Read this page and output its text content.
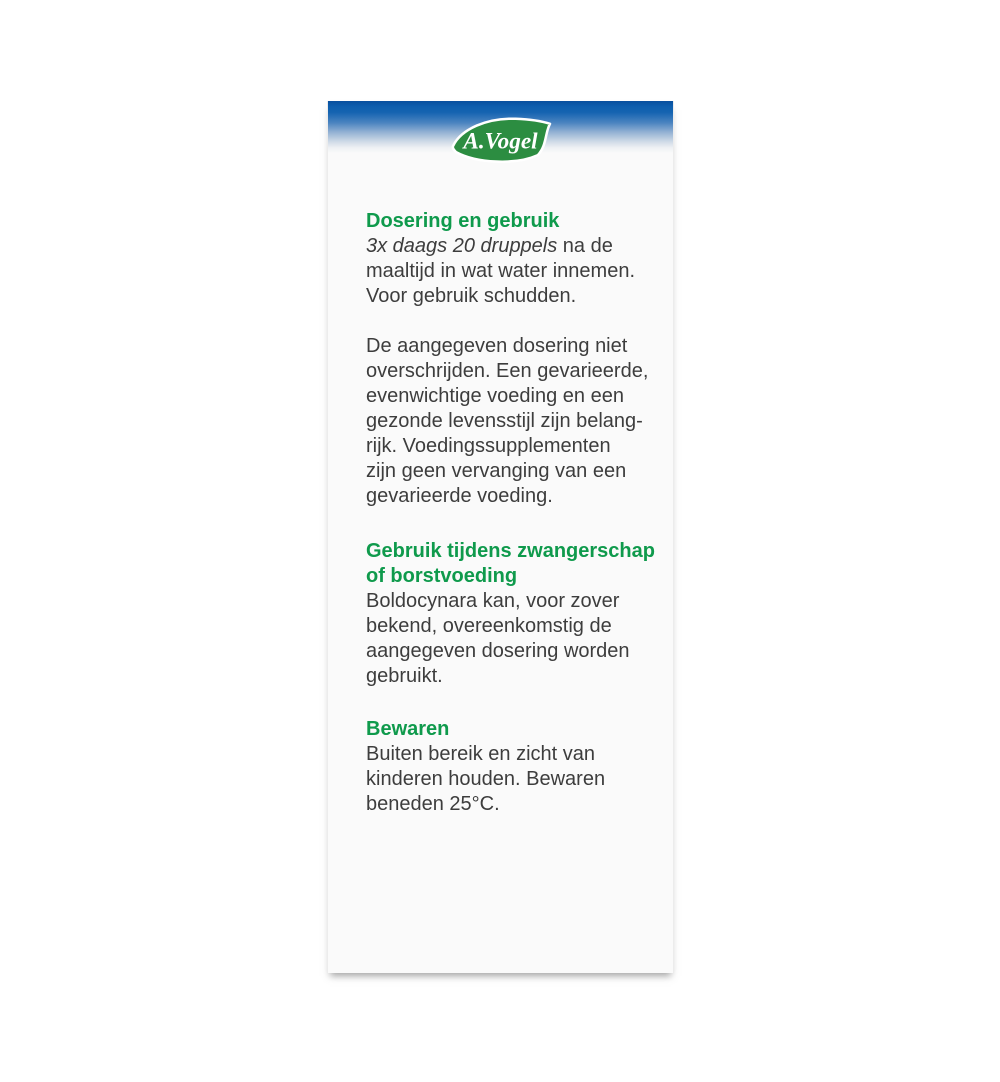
A.Vogel
Dosering en gebruik

3x daags 20 druppels na de

maaltijd in wat water innemen.

Voor gebruik schudden.

De aangegeven dosering niet

overschrijden. Een gevarieerde,

evenwichtige voeding en een

gezonde levensstijl zijn belang-

rijk. Voedingssupplementen

zijn geen vervanging van een

gevarieerde voeding.

Gebruik tijdens zwangerschap
of borstvoeding

Boldocynara kan, voor zover

bekend, overeenkomstig de

aangegeven dosering worden

gebruikt.

Bewaren

Buiten bereik en zicht van

kinderen houden. Bewaren

beneden 25°C.
